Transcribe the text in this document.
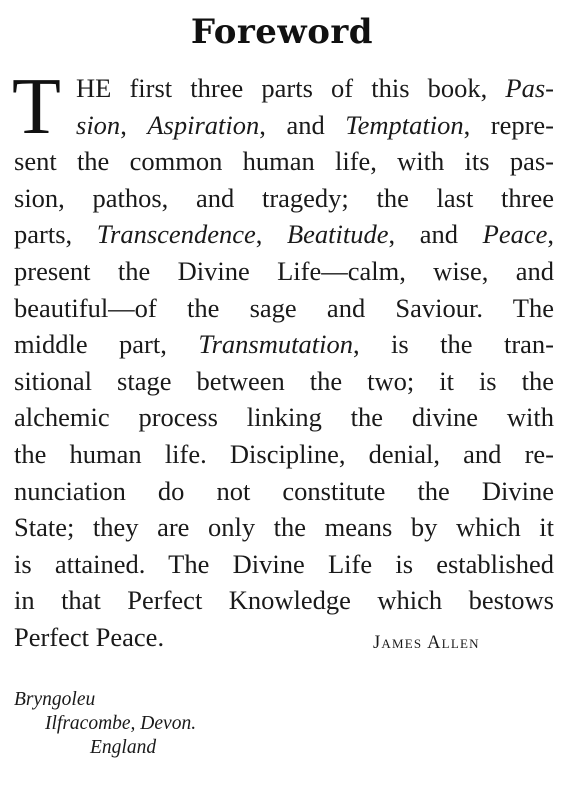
Foreword
T HE first three parts of this book, Pas-
sion, Aspiration, and Temptation, repre-
sent the common human life, with its pas-
sion, pathos, and tragedy; the last three
parts, Transcendence, Beatitude, and Peace,
present the Divine Life—calm, wise, and
beautiful—of the sage and Saviour. The
middle part, Transmutation, is the tran-
sitional stage between the two; it is the
alchemic process linking the divine with
the human life. Discipline, denial, and re-
nunciation do not constitute the Divine
State; they are only the means by which it
is attained. The Divine Life is established
in that Perfect Knowledge which bestows
Perfect Peace.	James Allen
Bryngoleu
Ilfracombe, Devon.
England
